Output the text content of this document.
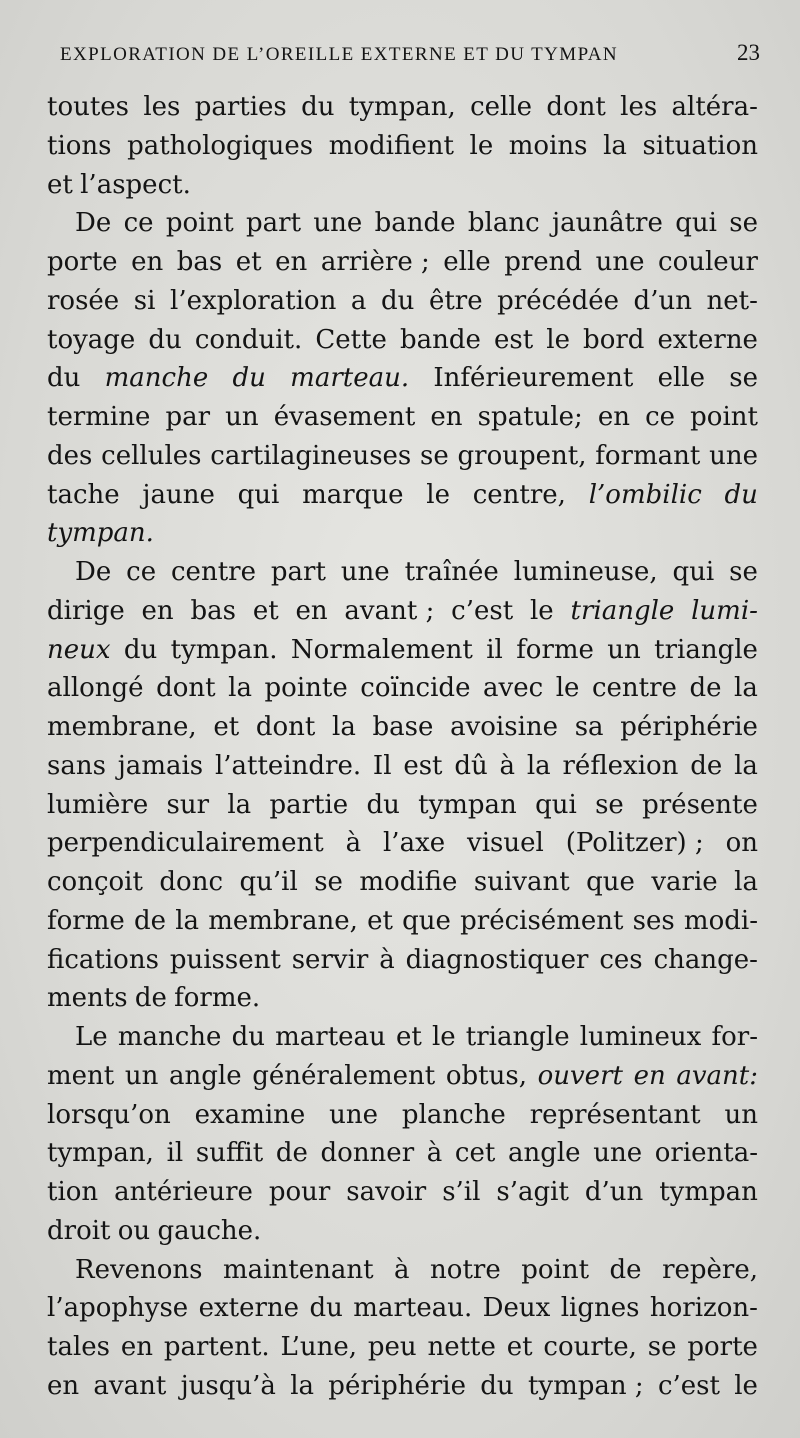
EXPLORATION DE L’OREILLE EXTERNE ET DU TYMPAN	23
toutes les parties du tympan, celle dont les altéra-
tions pathologiques modifient le moins la situation
et l’aspect.
De ce point part une bande blanc jaunâtre qui se
porte en bas et en arrière ; elle prend une couleur
rosée si l’exploration a du être précédée d’un net-
toyage du conduit. Cette bande est le bord externe
du manche du marteau. Inférieurement elle se
termine par un évasement en spatule; en ce point
des cellules cartilagineuses se groupent, formant une
tache jaune qui marque le centre, l’ombilic du
tympan.
De ce centre part une traînée lumineuse, qui se
dirige en bas et en avant ; c’est le triangle lumi-
neux du tympan. Normalement il forme un triangle
allongé dont la pointe coïncide avec le centre de la
membrane, et dont la base avoisine sa périphérie
sans jamais l’atteindre. Il est dû à la réflexion de la
lumière sur la partie du tympan qui se présente
perpendiculairement à l’axe visuel (Politzer) ; on
conçoit donc qu’il se modifie suivant que varie la
forme de la membrane, et que précisément ses modi-
fications puissent servir à diagnostiquer ces change-
ments de forme.
Le manche du marteau et le triangle lumineux for-
ment un angle généralement obtus, ouvert en avant:
lorsqu’on examine une planche représentant un
tympan, il suffit de donner à cet angle une orienta-
tion antérieure pour savoir s’il s’agit d’un tympan
droit ou gauche.
Revenons maintenant à notre point de repère,
l’apophyse externe du marteau. Deux lignes horizon-
tales en partent. L’une, peu nette et courte, se porte
en avant jusqu’à la périphérie du tympan ; c’est le
